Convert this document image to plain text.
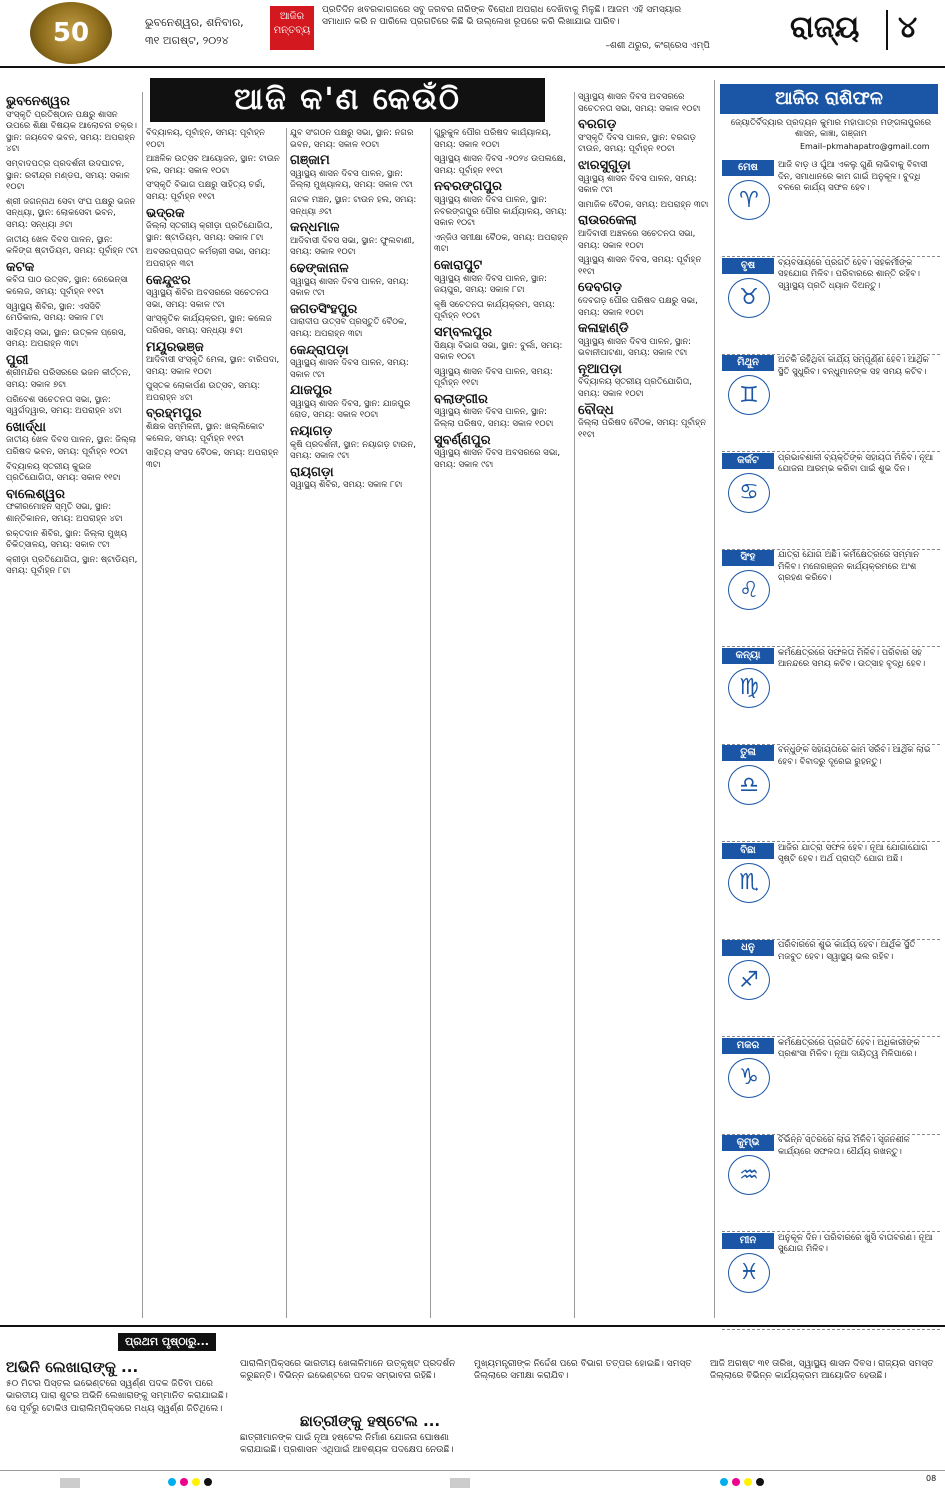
50	ଭୁବନେଶ୍ୱର, ଶନିବାର,
୩୧ ଅଗଷ୍ଟ, ୨୦୨୪
ଆଜିର ମନ୍ତବ୍ୟ
ପ୍ରତିଦିନ ଖବରକାଗଜରେ ସବୁ ଜରବର ନାରିଙ୍କ ବିରୋଧୀ ଅପରାଧ ଦେଖିବାକୁ ମିଳୁଛି। ଆଜମ ଏହି ସମସ୍ୟାର ସମାଧାନ କରି ନ ପାରିଲେ ପ୍ରଗତିରେ କିଛି ଭି ଉଲ୍ଲେଖ ରୂପରେ କରି ଲିଖାଯାଇ ପାରିବ।
–ଶଶୀ ଥରୁର, କଂଗ୍ରେସ ଏମ୍‌ପି
ରାଜ୍ୟ ୪
ଆଜି କ'ଣ କେଉଁଠି
ଭୁବନେଶ୍ୱର

ସଂସ୍କୃତି ପ୍ରତିଷ୍ଠାନ ପକ୍ଷରୁ ଶାସନ ଉପରେ ଶିକ୍ଷା ବିଷୟକ ଆଲୋଚନା ଚକ୍ର। ସ୍ଥାନ: ଜୟଦେବ ଭବନ, ସମୟ: ଅପରାହ୍ନ ୪ଟା

ସମ୍ବାଦପତ୍ର ପ୍ରଦର୍ଶନୀ ଉଦଘାଟନ, ସ୍ଥାନ: ରବୀନ୍ଦ୍ର ମଣ୍ଡପ, ସମୟ: ସକାଳ ୧୦ଟା

ଶ୍ରୀ ଜଗନ୍ନାଥ ସେବା ସଂଘ ପକ୍ଷରୁ ଭଜନ ସନ୍ଧ୍ୟା, ସ୍ଥାନ: ଲୋକସେବା ଭବନ, ସମୟ: ସନ୍ଧ୍ୟା ୬ଟା

ଜାତୀୟ ଖେଳ ଦିବସ ପାଳନ, ସ୍ଥାନ: କଳିଙ୍ଗ ଷ୍ଟାଡିୟମ, ସମୟ: ପୂର୍ବାହ୍ନ ୯ଟା

କଟକ

କବିତା ପାଠ ଉତ୍ସବ, ସ୍ଥାନ: ରେଭେନ୍ସା କଲେଜ, ସମୟ: ପୂର୍ବାହ୍ନ ୧୧ଟା

ସ୍ୱାସ୍ଥ୍ୟ ଶିବିର, ସ୍ଥାନ: ଏସସିବି ମେଡିକାଲ, ସମୟ: ସକାଳ ୮ଟା

ସାହିତ୍ୟ ସଭା, ସ୍ଥାନ: ଉତ୍କଳ ପ୍ରେସ, ସମୟ: ଅପରାହ୍ନ ୩ଟା

ପୁରୀ

ଶ୍ରୀମନ୍ଦିର ପରିସରରେ ଭଜନ କୀର୍ତ୍ତନ, ସମୟ: ସକାଳ ୭ଟା

ପରିବେଶ ସଚେତନତା ସଭା, ସ୍ଥାନ: ସ୍ୱର୍ଗଦ୍ୱାର, ସମୟ: ଅପରାହ୍ନ ୪ଟା

ଖୋର୍ଦ୍ଧା

ଜାତୀୟ ଖେଳ ଦିବସ ପାଳନ, ସ୍ଥାନ: ଜିଲ୍ଲା ପରିଷଦ ଭବନ, ସମୟ: ପୂର୍ବାହ୍ନ ୧୦ଟା

ବିଦ୍ୟାଳୟ ସ୍ତରୀୟ କୁଇଜ ପ୍ରତିଯୋଗିତା, ସମୟ: ସକାଳ ୧୧ଟା

ବାଲେଶ୍ୱର

ଫକୀରମୋହନ ସ୍ମୃତି ସଭା, ସ୍ଥାନ: ଶାନ୍ତିକାନନ, ସମୟ: ଅପରାହ୍ନ ୪ଟା

ରକ୍ତଦାନ ଶିବିର, ସ୍ଥାନ: ଜିଲ୍ଲା ମୁଖ୍ୟ ଚିକିତ୍ସାଳୟ, ସମୟ: ସକାଳ ୯ଟା

କ୍ରୀଡ଼ା ପ୍ରତିଯୋଗିତା, ସ୍ଥାନ: ଷ୍ଟାଡିୟମ, ସମୟ: ପୂର୍ବାହ୍ନ ୮ଟା

ବିଦ୍ୟାଳୟ, ପୂର୍ବାହ୍ନ, ସମୟ: ପୂର୍ବାହ୍ନ ୧୦ଟା

ଆଞ୍ଚଳିକ ଉତ୍ସବ ଆୟୋଜନ, ସ୍ଥାନ: ଟାଉନ ହଲ, ସମୟ: ସକାଳ ୧୦ଟା

ସଂସ୍କୃତି ବିଭାଗ ପକ୍ଷରୁ ସାହିତ୍ୟ ଚର୍ଚ୍ଚା, ସମୟ: ପୂର୍ବାହ୍ନ ୧୧ଟା

ଭଦ୍ରକ

ଜିଲ୍ଲା ସ୍ତରୀୟ କ୍ରୀଡ଼ା ପ୍ରତିଯୋଗିତା, ସ୍ଥାନ: ଷ୍ଟାଡିୟମ, ସମୟ: ସକାଳ ୮ଟା

ଅବସରପ୍ରାପ୍ତ କର୍ମଚାରୀ ସଭା, ସମୟ: ଅପରାହ୍ନ ୩ଟା

କେନ୍ଦୁଝର

ସ୍ୱାସ୍ଥ୍ୟ ଶିବିର ଅବସରରେ ସଚେତନତା ସଭା, ସମୟ: ସକାଳ ୯ଟା

ସାଂସ୍କୃତିକ କାର୍ଯ୍ୟକ୍ରମ, ସ୍ଥାନ: କଲେଜ ପରିସର, ସମୟ: ସନ୍ଧ୍ୟା ୫ଟା

ମୟୂରଭଞ୍ଜ

ଆଦିବାସୀ ସଂସ୍କୃତି ମେଳା, ସ୍ଥାନ: ବାରିପଦା, ସମୟ: ସକାଳ ୧୦ଟା

ପୁସ୍ତକ ଲୋକାର୍ପଣ ଉତ୍ସବ, ସମୟ: ଅପରାହ୍ନ ୪ଟା

ବ୍ରହ୍ମପୁର

ଶିକ୍ଷକ ସମ୍ମିଳନୀ, ସ୍ଥାନ: ଖଲ୍ଲିକୋଟ କଲେଜ, ସମୟ: ପୂର୍ବାହ୍ନ ୧୧ଟା

ସାହିତ୍ୟ ସଂସଦ ବୈଠକ, ସମୟ: ଅପରାହ୍ନ ୩ଟା

ଯୁବ ସଂଗଠନ ପକ୍ଷରୁ ସଭା, ସ୍ଥାନ: ନଗର ଭବନ, ସମୟ: ସକାଳ ୧୦ଟା

ଗଞ୍ଜାମ

ସ୍ୱାସ୍ଥ୍ୟ ଶାସନ ଦିବସ ପାଳନ, ସ୍ଥାନ: ଜିଲ୍ଲା ମୁଖ୍ୟାଳୟ, ସମୟ: ସକାଳ ୯ଟା

ନାଟକ ମଞ୍ଚନ, ସ୍ଥାନ: ଟାଉନ ହଲ, ସମୟ: ସନ୍ଧ୍ୟା ୬ଟା

କନ୍ଧମାଳ

ଆଦିବାସୀ ଦିବସ ସଭା, ସ୍ଥାନ: ଫୁଲବାଣୀ, ସମୟ: ସକାଳ ୧୦ଟା

ଢେଙ୍କାନାଳ

ସ୍ୱାସ୍ଥ୍ୟ ଶାସନ ଦିବସ ପାଳନ, ସମୟ: ସକାଳ ୯ଟା

ଜଗତସିଂହପୁର

ପାରାଦୀପ ଉତ୍ସବ ପ୍ରସ୍ତୁତି ବୈଠକ, ସମୟ: ଅପରାହ୍ନ ୩ଟା

କେନ୍ଦ୍ରାପଡ଼ା

ସ୍ୱାସ୍ଥ୍ୟ ଶାସନ ଦିବସ ପାଳନ, ସମୟ: ସକାଳ ୯ଟା

ଯାଜପୁର

ସ୍ୱାସ୍ଥ୍ୟ ଶାସନ ଦିବସ, ସ୍ଥାନ: ଯାଜପୁର ରୋଡ, ସମୟ: ସକାଳ ୧୦ଟା

ନୟାଗଡ଼

କୃଷି ପ୍ରଦର୍ଶନୀ, ସ୍ଥାନ: ନୟାଗଡ଼ ଟାଉନ, ସମୟ: ସକାଳ ୯ଟା

ରାୟଗଡ଼ା

ସ୍ୱାସ୍ଥ୍ୟ ଶିବିର, ସମୟ: ସକାଳ ୮ଟା

ଗୁରୁକୁଳ ପୌର ପରିଷଦ କାର୍ଯ୍ୟାଳୟ, ସମୟ: ସକାଳ ୧୦ଟା

ସ୍ୱାସ୍ଥ୍ୟ ଶାସନ ଦିବସ -୨୦୨୪ ଉପଲକ୍ଷେ, ସମୟ: ପୂର୍ବାହ୍ନ ୧୧ଟା

ନବରଙ୍ଗପୁର

ସ୍ୱାସ୍ଥ୍ୟ ଶାସନ ଦିବସ ପାଳନ, ସ୍ଥାନ: ନବରଙ୍ଗପୁର ପୌର କାର୍ଯ୍ୟାଳୟ, ସମୟ: ସକାଳ ୧୦ଟା

ଏନ୍‌ଜିଓ ସମୀକ୍ଷା ବୈଠକ, ସମୟ: ଅପରାହ୍ନ ୩ଟା

କୋରାପୁଟ

ସ୍ୱାସ୍ଥ୍ୟ ଶାସନ ଦିବସ ପାଳନ, ସ୍ଥାନ: ଜୟପୁର, ସମୟ: ସକାଳ ୮ଟା

କୃଷି ସଚେତନତା କାର୍ଯ୍ୟକ୍ରମ, ସମୟ: ପୂର୍ବାହ୍ନ ୧୦ଟା

ସମ୍ବଲପୁର

ସିକ୍ଷ୍ୟା ବିଭାଗ ସଭା, ସ୍ଥାନ: ବୁର୍ଲା, ସମୟ: ସକାଳ ୧୦ଟା

ସ୍ୱାସ୍ଥ୍ୟ ଶାସନ ଦିବସ ପାଳନ, ସମୟ: ପୂର୍ବାହ୍ନ ୧୧ଟା

ବଲାଙ୍ଗୀର

ସ୍ୱାସ୍ଥ୍ୟ ଶାସନ ଦିବସ ପାଳନ, ସ୍ଥାନ: ଜିଲ୍ଲା ପରିଷଦ, ସମୟ: ସକାଳ ୧୦ଟା

ସୁବର୍ଣ୍ଣପୁର

ସ୍ୱାସ୍ଥ୍ୟ ଶାସନ ଦିବସ ଅବସରରେ ସଭା, ସମୟ: ସକାଳ ୯ଟା

ସ୍ୱାସ୍ଥ୍ୟ ଶାସନ ଦିବସ ଅବସରରେ ସଚେତନତା ସଭା, ସମୟ: ସକାଳ ୧୦ଟା

ବରଗଡ଼

ସଂସ୍କୃତି ଦିବସ ପାଳନ, ସ୍ଥାନ: ବରଗଡ଼ ଟାଉନ, ସମୟ: ପୂର୍ବାହ୍ନ ୧୦ଟା

ଝାରସୁଗୁଡ଼ା

ସ୍ୱାସ୍ଥ୍ୟ ଶାସନ ଦିବସ ପାଳନ, ସମୟ: ସକାଳ ୯ଟା

ସାମାଜିକ ବୈଠକ, ସମୟ: ଅପରାହ୍ନ ୩ଟା

ରାଉରକେଲା

ଆଦିବାସୀ ଅଞ୍ଚଳରେ ସଚେତନତା ସଭା, ସମୟ: ସକାଳ ୧୦ଟା

ସ୍ୱାସ୍ଥ୍ୟ ଶାସନ ଦିବସ, ସମୟ: ପୂର୍ବାହ୍ନ ୧୧ଟା

ଦେବଗଡ଼

ଦେବଗଡ଼ ପୌର ପରିଷଦ ପକ୍ଷରୁ ସଭା, ସମୟ: ସକାଳ ୧୦ଟା

କଳାହାଣ୍ଡି

ସ୍ୱାସ୍ଥ୍ୟ ଶାସନ ଦିବସ ପାଳନ, ସ୍ଥାନ: ଭବାନୀପାଟଣା, ସମୟ: ସକାଳ ୯ଟା

ନୂଆପଡ଼ା

ବିଦ୍ୟାଳୟ ସ୍ତରୀୟ ପ୍ରତିଯୋଗିତା, ସମୟ: ସକାଳ ୧୦ଟା

ବୌଦ୍ଧ

ଜିଲ୍ଲା ପରିଷଦ ବୈଠକ, ସମୟ: ପୂର୍ବାହ୍ନ ୧୧ଟା

ଆଜିର ରାଶିଫଳ
ଜ୍ୟୋତିର୍ବିଦ୍ୟାର ପ୍ରଦ୍ୟନ କୁମାର ମହାପାତ୍ର ମଙ୍ଗଳାପୁରରେ ଶାସନ, କାଜ୍ଞା, ଗଞ୍ଜାମ
Email–pkmahapatro@gmail.com
ମେଷ
♈
ଆଜି ବାଡ଼ ଓ ଘୁଁଆ ଏକଲୁ ଗୁଣି ଲାଭିବାକୁ ବିବାସୀ ଦିନ, ସମାଧାନରେ କାମ ଗାଇଁ ଅନୁକୂଳ। ବୁଦ୍ଧି ବଳରେ କାର୍ଯ୍ୟ ସଫଳ ହେବ।
ବୃଷ
♉
ବ୍ୟବସାୟରେ ପ୍ରଗତି ହେବ। ସହକର୍ମୀଙ୍କ ସହଯୋଗ ମିଳିବ। ପରିବାରରେ ଶାନ୍ତି ରହିବ। ସ୍ୱାସ୍ଥ୍ୟ ପ୍ରତି ଧ୍ୟାନ ଦିଅନ୍ତୁ।
ମିଥୁନ
♊
ଅଟକି ରହିଥିବା କାର୍ଯ୍ୟ ସମ୍ପୂର୍ଣ୍ଣ ହେବ। ଆର୍ଥିକ ସ୍ଥିତି ସୁଧୁରିବ। ବନ୍ଧୁମାନଙ୍କ ସହ ସମୟ କଟିବ।
କର୍କଟ
♋
ପ୍ରଭାବଶାଳୀ ବ୍ୟକ୍ତିଙ୍କ ସହାୟତା ମିଳିବ। ନୂଆ ଯୋଜନା ଆରମ୍ଭ କରିବା ପାଇଁ ଶୁଭ ଦିନ।
ସିଂହ
♌
ଯାତ୍ରା ଯୋଗ ଅଛି। କର୍ମକ୍ଷେତ୍ରରେ ସମ୍ମାନ ମିଳିବ। ମନୋରଞ୍ଜନ କାର୍ଯ୍ୟକ୍ରମରେ ଅଂଶ ଗ୍ରହଣ କରିବେ।
କନ୍ୟା
♍
କର୍ମକ୍ଷେତ୍ରରେ ସଫଳତା ମିଳିବ। ପରିବାର ସହ ଆନନ୍ଦରେ ସମୟ କଟିବ। ଉତ୍ସାହ ବୃଦ୍ଧି ହେବ।
ତୁଳା
♎
ବନ୍ଧୁଙ୍କ ସହାୟତାରେ କାମ ସରିବ। ଆର୍ଥିକ ଲାଭ ହେବ। ବିବାଦରୁ ଦୂରେଇ ରୁହନ୍ତୁ।
ବିଛା
♏
ଆଜିର ଯାତ୍ରା ସଫଳ ହେବ। ନୂଆ ଯୋଗାଯୋଗ ସୃଷ୍ଟି ହେବ। ଅର୍ଥ ପ୍ରାପ୍ତି ଯୋଗ ଅଛି।
ଧନୁ
♐
ପରିବାରରେ ଶୁଭ କାର୍ଯ୍ୟ ହେବ। ଆର୍ଥିକ ସ୍ଥିତି ମଜବୁତ ହେବ। ସ୍ୱାସ୍ଥ୍ୟ ଭଲ ରହିବ।
ମକର
♑
କର୍ମକ୍ଷେତ୍ରରେ ପ୍ରଗତି ହେବ। ଅଧିକାରୀଙ୍କ ପ୍ରଶଂସା ମିଳିବ। ନୂଆ ଦାୟିତ୍ୱ ମିଳିପାରେ।
କୁମ୍ଭ
♒
ବିଭିନ୍ନ ସ୍ତରରେ ଲାଭ ମିଳିବ। ସୃଜନଶୀଳ କାର୍ଯ୍ୟରେ ସଫଳତା। ଧୈର୍ଯ୍ୟ ରଖନ୍ତୁ।
ମୀନ
♓
ଅନୁକୂଳ ଦିନ। ପରିବାରରେ ଖୁସି ବାତାବରଣ। ନୂଆ ସୁଯୋଗ ମିଳିବ।
ପ୍ରଥମ ପୃଷ୍ଠାରୁ...
ଅଭିନି ଲେଖାରାଙ୍କୁ ...
୫୦ ମିଟର ପିସ୍ତଲ ଇଭେଣ୍ଟରେ ସ୍ୱର୍ଣ୍ଣ ପଦକ ଜିତିବା ପରେ ଭାରତୀୟ ପାରା ଶୁଟର ଅଭିନି ଲେଖାରାଙ୍କୁ ସମ୍ମାନିତ କରାଯାଇଛି। ସେ ପୂର୍ବରୁ ଟୋକିଓ ପାରାଲିମ୍ପିକ୍ସରେ ମଧ୍ୟ ସ୍ୱର୍ଣ୍ଣ ଜିତିଥିଲେ।
ପାରାଲିମ୍ପିକ୍ସରେ ଭାରତୀୟ ଖେଳାଳିମାନେ ଉତ୍କୃଷ୍ଟ ପ୍ରଦର୍ଶନ କରୁଛନ୍ତି। ବିଭିନ୍ନ ଇଭେଣ୍ଟରେ ପଦକ ସମ୍ଭାବନା ରହିଛି।
ଛାତ୍ରୀଙ୍କୁ ହଷ୍ଟେଲ ...
ଛାତ୍ରୀମାନଙ୍କ ପାଇଁ ନୂଆ ହଷ୍ଟେଲ ନିର୍ମାଣ ଯୋଜନା ଘୋଷଣା କରାଯାଇଛି। ପ୍ରଶାସନ ଏଥିପାଇଁ ଆବଶ୍ୟକ ପଦକ୍ଷେପ ନେଉଛି।
ମୁଖ୍ୟମନ୍ତ୍ରୀଙ୍କ ନିର୍ଦ୍ଦେଶ ପରେ ବିଭାଗ ତତ୍ପର ହୋଇଛି। ସମସ୍ତ ଜିଲ୍ଲାରେ ସମୀକ୍ଷା କରାଯିବ।
ଆଜି ଅଗଷ୍ଟ ୩୧ ତାରିଖ, ସ୍ୱାସ୍ଥ୍ୟ ଶାସନ ଦିବସ। ରାଜ୍ୟର ସମସ୍ତ ଜିଲ୍ଲାରେ ବିଭିନ୍ନ କାର୍ଯ୍ୟକ୍ରମ ଆୟୋଜିତ ହେଉଛି।
08
